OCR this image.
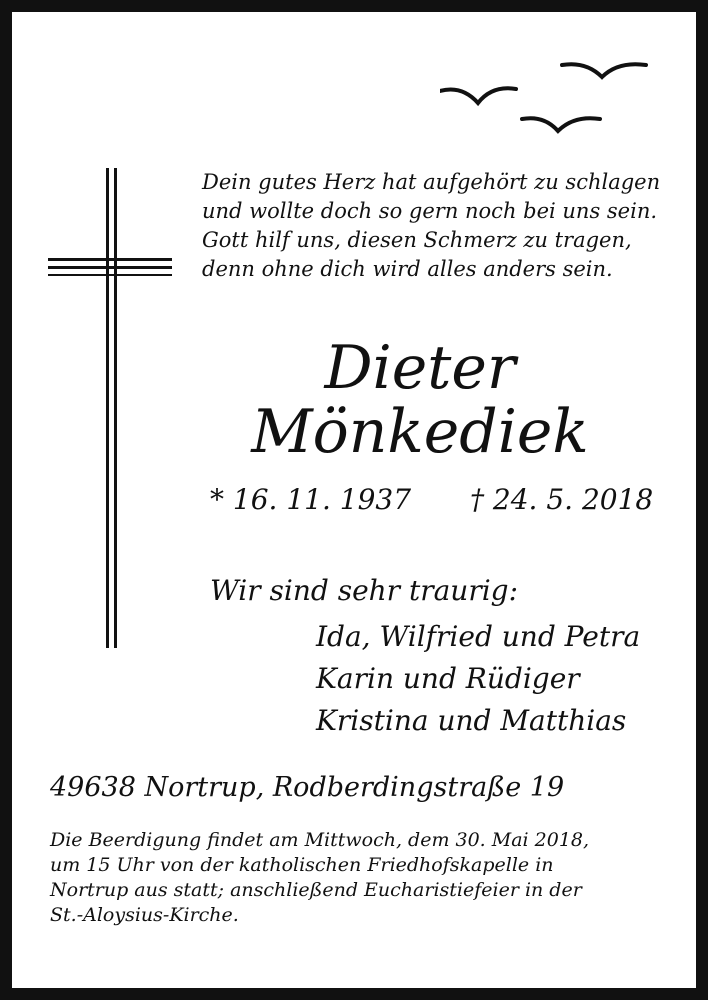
Dein gutes Herz hat aufgehört zu schlagen
und wollte doch so gern noch bei uns sein.
Gott hilf uns, diesen Schmerz zu tragen,
denn ohne dich wird alles anders sein.
Dieter
Mönkediek
* 16. 11. 1937 † 24. 5. 2018
Wir sind sehr traurig:
Ida, Wilfried und Petra
Karin und Rüdiger
Kristina und Matthias
49638 Nortrup, Rodberdingstraße 19
Die Beerdigung findet am Mittwoch, dem 30. Mai 2018,
um 15 Uhr von der katholischen Friedhofskapelle in
Nortrup aus statt; anschließend Eucharistiefeier in der
St.-Aloysius-Kirche.
